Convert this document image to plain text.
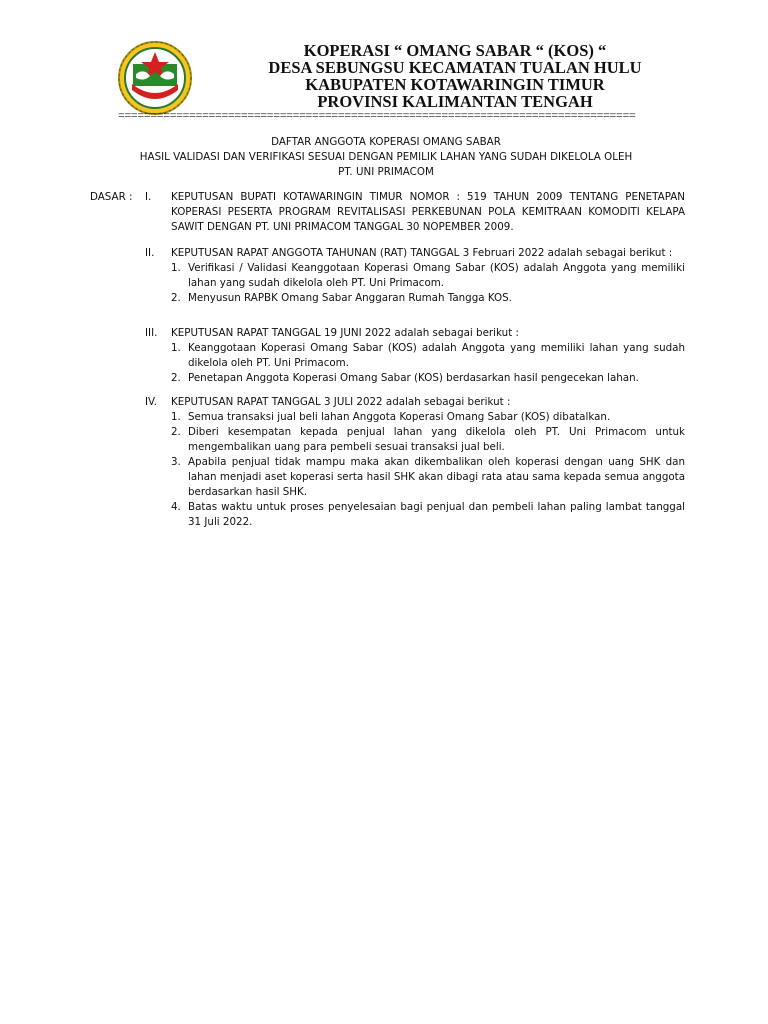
KOPERASI “ OMANG SABAR “ (KOS) “
DESA SEBUNGSU KECAMATAN TUALAN HULU
KABUPATEN KOTAWARINGIN TIMUR
PROVINSI KALIMANTAN TENGAH
================================================================================
DAFTAR ANGGOTA KOPERASI OMANG SABAR
HASIL VALIDASI DAN VERIFIKASI SESUAI DENGAN PEMILIK LAHAN YANG SUDAH DIKELOLA OLEH
PT. UNI PRIMACOM
DASAR : I. KEPUTUSAN BUPATI KOTAWARINGIN TIMUR NOMOR : 519 TAHUN 2009 TENTANG PENETAPAN KOPERASI PESERTA PROGRAM REVITALISASI PERKEBUNAN POLA KEMITRAAN KOMODITI KELAPA SAWIT DENGAN PT. UNI PRIMACOM TANGGAL 30 NOPEMBER 2009.
II. KEPUTUSAN RAPAT ANGGOTA TAHUNAN (RAT) TANGGAL 3 Februari 2022 adalah sebagai berikut :
1. Verifikasi / Validasi Keanggotaan Koperasi Omang Sabar (KOS) adalah Anggota yang memiliki lahan yang sudah dikelola oleh PT. Uni Primacom.
2. Menyusun RAPBK Omang Sabar Anggaran Rumah Tangga KOS.
III. KEPUTUSAN RAPAT TANGGAL 19 JUNI 2022 adalah sebagai berikut :
1. Keanggotaan Koperasi Omang Sabar (KOS) adalah Anggota yang memiliki lahan yang sudah dikelola oleh PT. Uni Primacom.
2. Penetapan Anggota Koperasi Omang Sabar (KOS) berdasarkan hasil pengecekan lahan.
IV. KEPUTUSAN RAPAT TANGGAL 3 JULI 2022 adalah sebagai berikut :
1. Semua transaksi jual beli lahan Anggota Koperasi Omang Sabar (KOS) dibatalkan.
2. Diberi kesempatan kepada penjual lahan yang dikelola oleh PT. Uni Primacom untuk mengembalikan uang para pembeli sesuai transaksi jual beli.
3. Apabila penjual tidak mampu maka akan dikembalikan oleh koperasi dengan uang SHK dan lahan menjadi aset koperasi serta hasil SHK akan dibagi rata atau sama kepada semua anggota berdasarkan hasil SHK.
4. Batas waktu untuk proses penyelesaian bagi penjual dan pembeli lahan paling lambat tanggal 31 Juli 2022.
